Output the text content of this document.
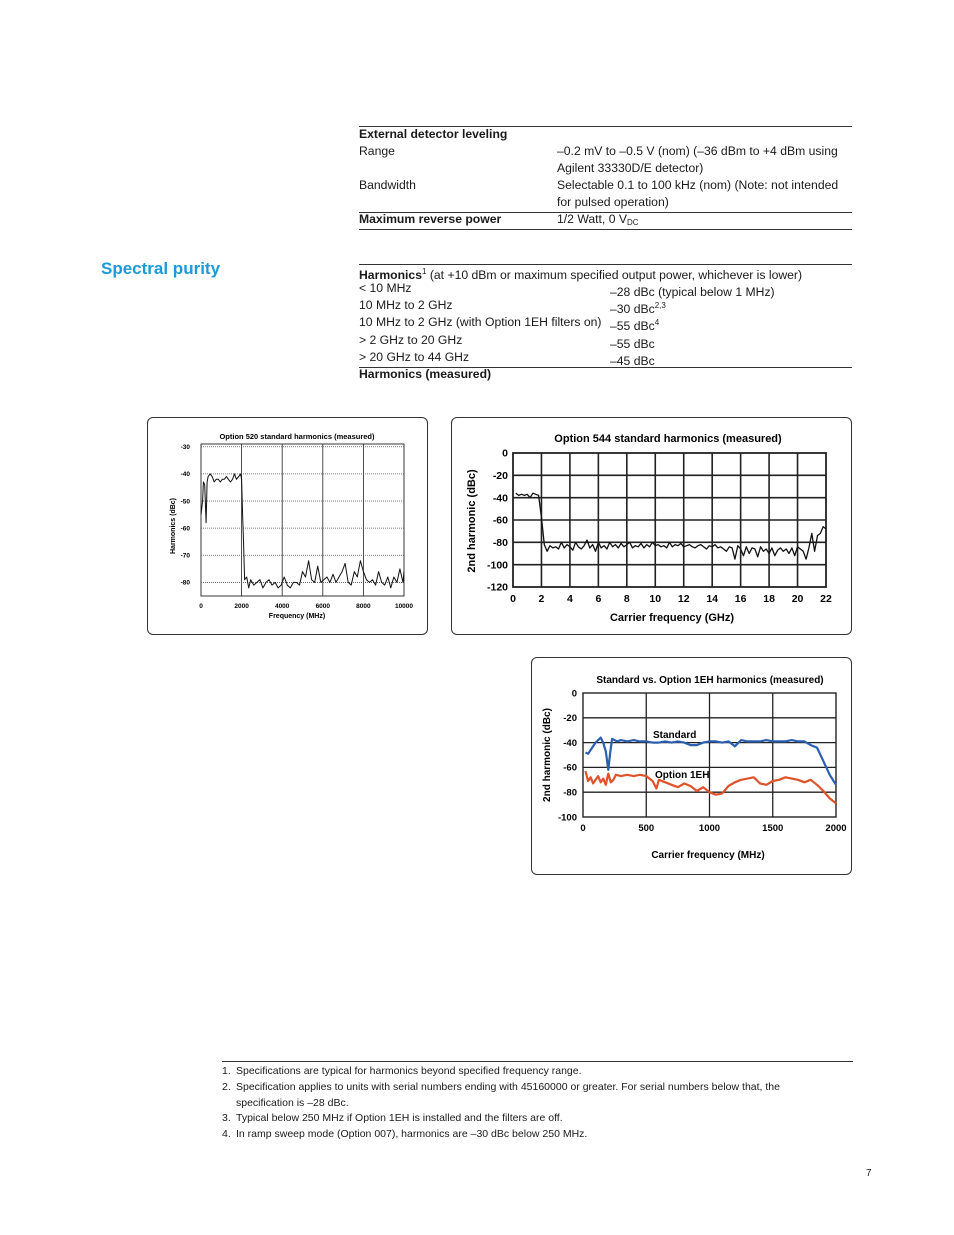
External detector leveling
Range	–0.2 mV to –0.5 V (nom) (–36 dBm to +4 dBm using
Agilent 33330D/E detector)
Bandwidth	Selectable 0.1 to 100 kHz (nom) (Note: not intended
for pulsed operation)
Maximum reverse power	1/2 Watt, 0 $V_{DC}$
Spectral purity	Harmonics$^1$ (at +10 dBm or maximum specified output power, whichever is lower)
< 10 MHz	–28 dBc (typical below 1 MHz)
10 MHz to 2 GHz	–30 dBc$^{2,3}$
10 MHz to 2 GHz (with Option 1EH filters on) –55 dBc$^4$
> 2 GHz to 20 GHz	–55 dBc
> 20 GHz to 44 GHz	–45 dBc
Harmonics (measured)
Option 520 standard harmonics (measured)
0	2000	4000	6000	8000	10000
-30
-40
-50
-60
-70
-80
Frequency (MHz)
Harmonics (dBc)
Option 544 standard harmonics (measured)
0 2 4 6 8 10 12 14 16 18 20 22
0
-20
-40
-60
-80
-100
-120
Carrier frequency (GHz)
2nd harmonic (dBc)
Standard vs. Option 1EH harmonics (measured)
0	500	1000	1500	2000
0
-20
-40
-60
-80
-100
Carrier frequency (MHz)
2nd harmonic (dBc)	Standard
Option 1EH
1. Specifications are typical for harmonics beyond specified frequency range.
2. Specification applies to units with serial numbers ending with 45160000 or greater. For serial numbers below that, the
specification is –28 dBc.
3. Typical below 250 MHz if Option 1EH is installed and the filters are off.
4. In ramp sweep mode (Option 007), harmonics are –30 dBc below 250 MHz.
7
